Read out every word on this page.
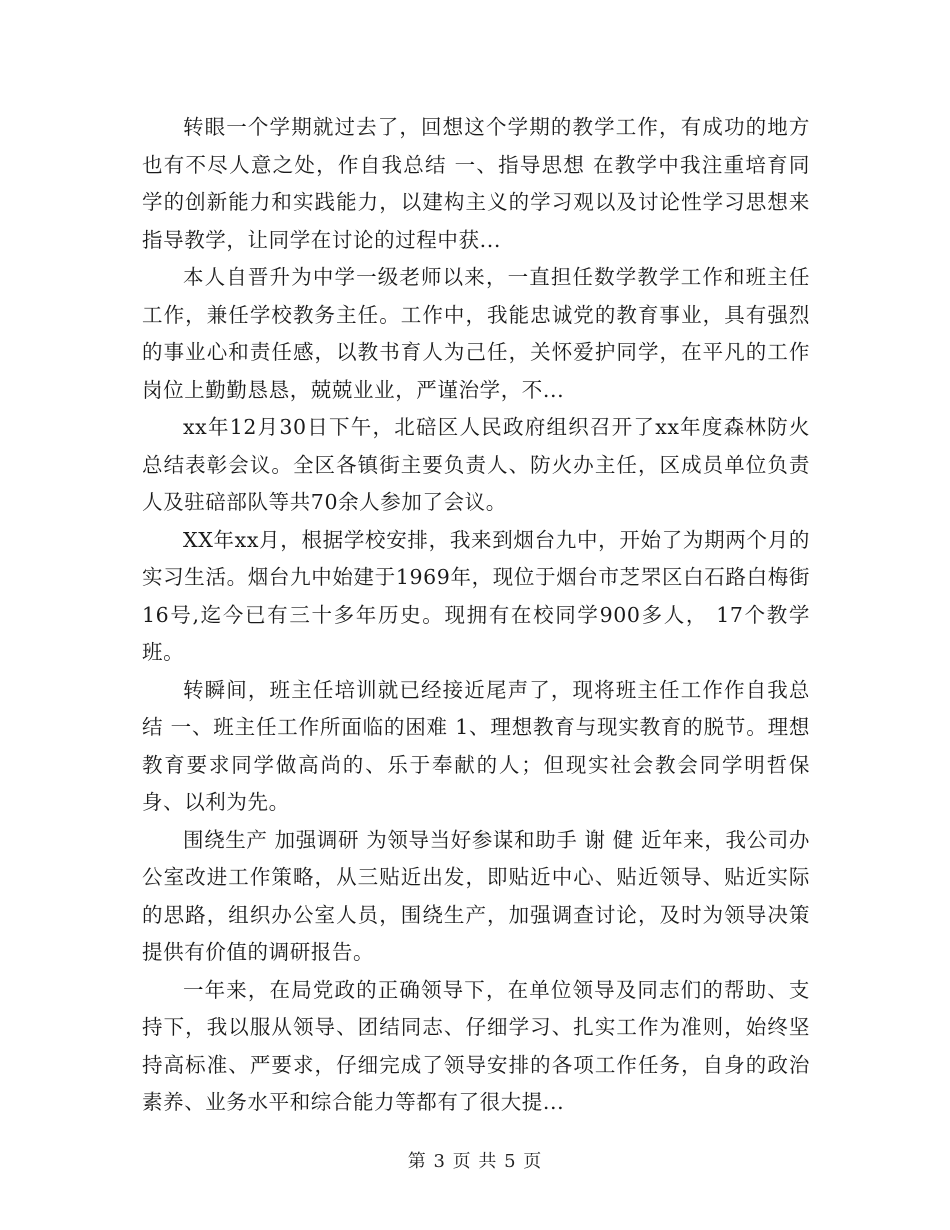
转眼一个学期就过去了，回想这个学期的教学工作，有成功的地方也有不尽人意之处，作自我总结 一、指导思想 在教学中我注重培育同学的创新能力和实践能力，以建构主义的学习观以及讨论性学习思想来指导教学，让同学在讨论的过程中获...

本人自晋升为中学一级老师以来，一直担任数学教学工作和班主任工作，兼任学校教务主任。工作中，我能忠诚党的教育事业，具有强烈的事业心和责任感，以教书育人为己任，关怀爱护同学，在平凡的工作岗位上勤勤恳恳，兢兢业业，严谨治学，不...

xx年12月30日下午，北碚区人民政府组织召开了xx年度森林防火总结表彰会议。全区各镇街主要负责人、防火办主任，区成员单位负责人及驻碚部队等共70余人参加了会议。

XX年xx月，根据学校安排，我来到烟台九中，开始了为期两个月的实习生活。烟台九中始建于1969年，现位于烟台市芝罘区白石路白梅街16号,迄今已有三十多年历史。现拥有在校同学900多人， 17个教学班。

转瞬间，班主任培训就已经接近尾声了，现将班主任工作作自我总结 一、班主任工作所面临的困难 1、理想教育与现实教育的脱节。理想教育要求同学做高尚的、乐于奉献的人；但现实社会教会同学明哲保身、以利为先。

围绕生产 加强调研 为领导当好参谋和助手 谢 健 近年来，我公司办公室改进工作策略，从三贴近出发，即贴近中心、贴近领导、贴近实际的思路，组织办公室人员，围绕生产，加强调查讨论，及时为领导决策提供有价值的调研报告。

一年来，在局党政的正确领导下，在单位领导及同志们的帮助、支持下，我以服从领导、团结同志、仔细学习、扎实工作为准则，始终坚持高标准、严要求，仔细完成了领导安排的各项工作任务，自身的政治素养、业务水平和综合能力等都有了很大提...

第 3 页 共 5 页
